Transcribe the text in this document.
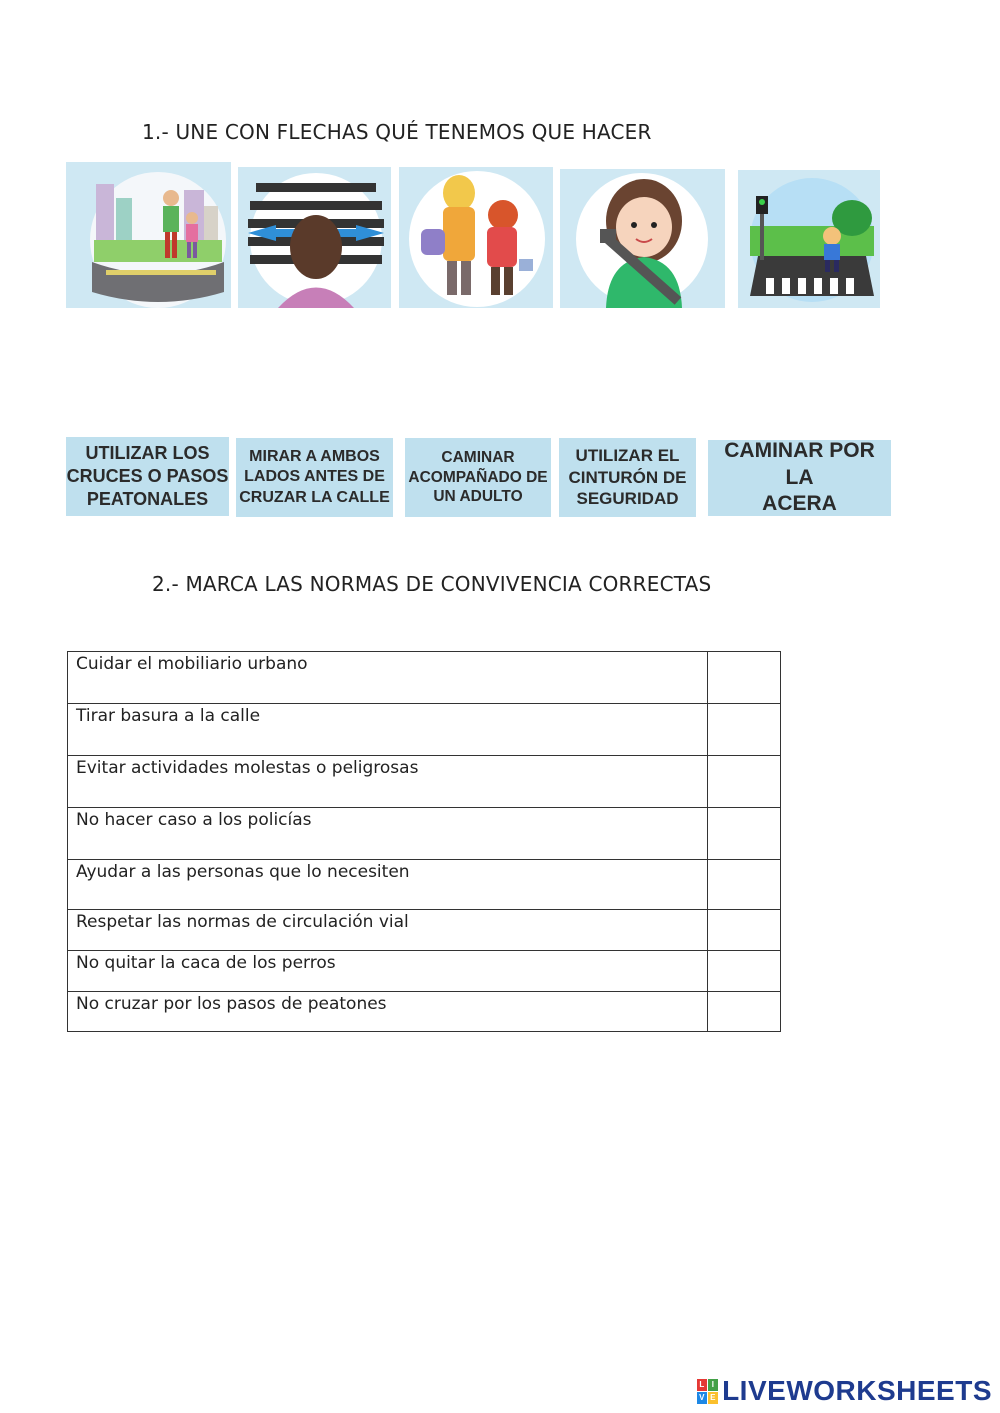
1.- UNE CON FLECHAS QUÉ TENEMOS QUE HACER
UTILIZAR LOS
CRUCES O PASOS
PEATONALES
MIRAR A AMBOS
LADOS ANTES DE
CRUZAR LA CALLE
CAMINAR
ACOMPAÑADO DE
UN ADULTO
UTILIZAR EL
CINTURÓN DE
SEGURIDAD
CAMINAR POR LA
ACERA
2.- MARCA LAS NORMAS DE CONVIVENCIA CORRECTAS
Cuidar el mobiliario urbano	
Tirar basura a la calle	
Evitar actividades molestas o peligrosas	
No hacer caso a los policías	
Ayudar a las personas que lo necesiten	
Respetar las normas de circulación vial	
No quitar la caca de los perros	
No cruzar por los pasos de peatones	
L I
V E LIVEWORKSHEETS
